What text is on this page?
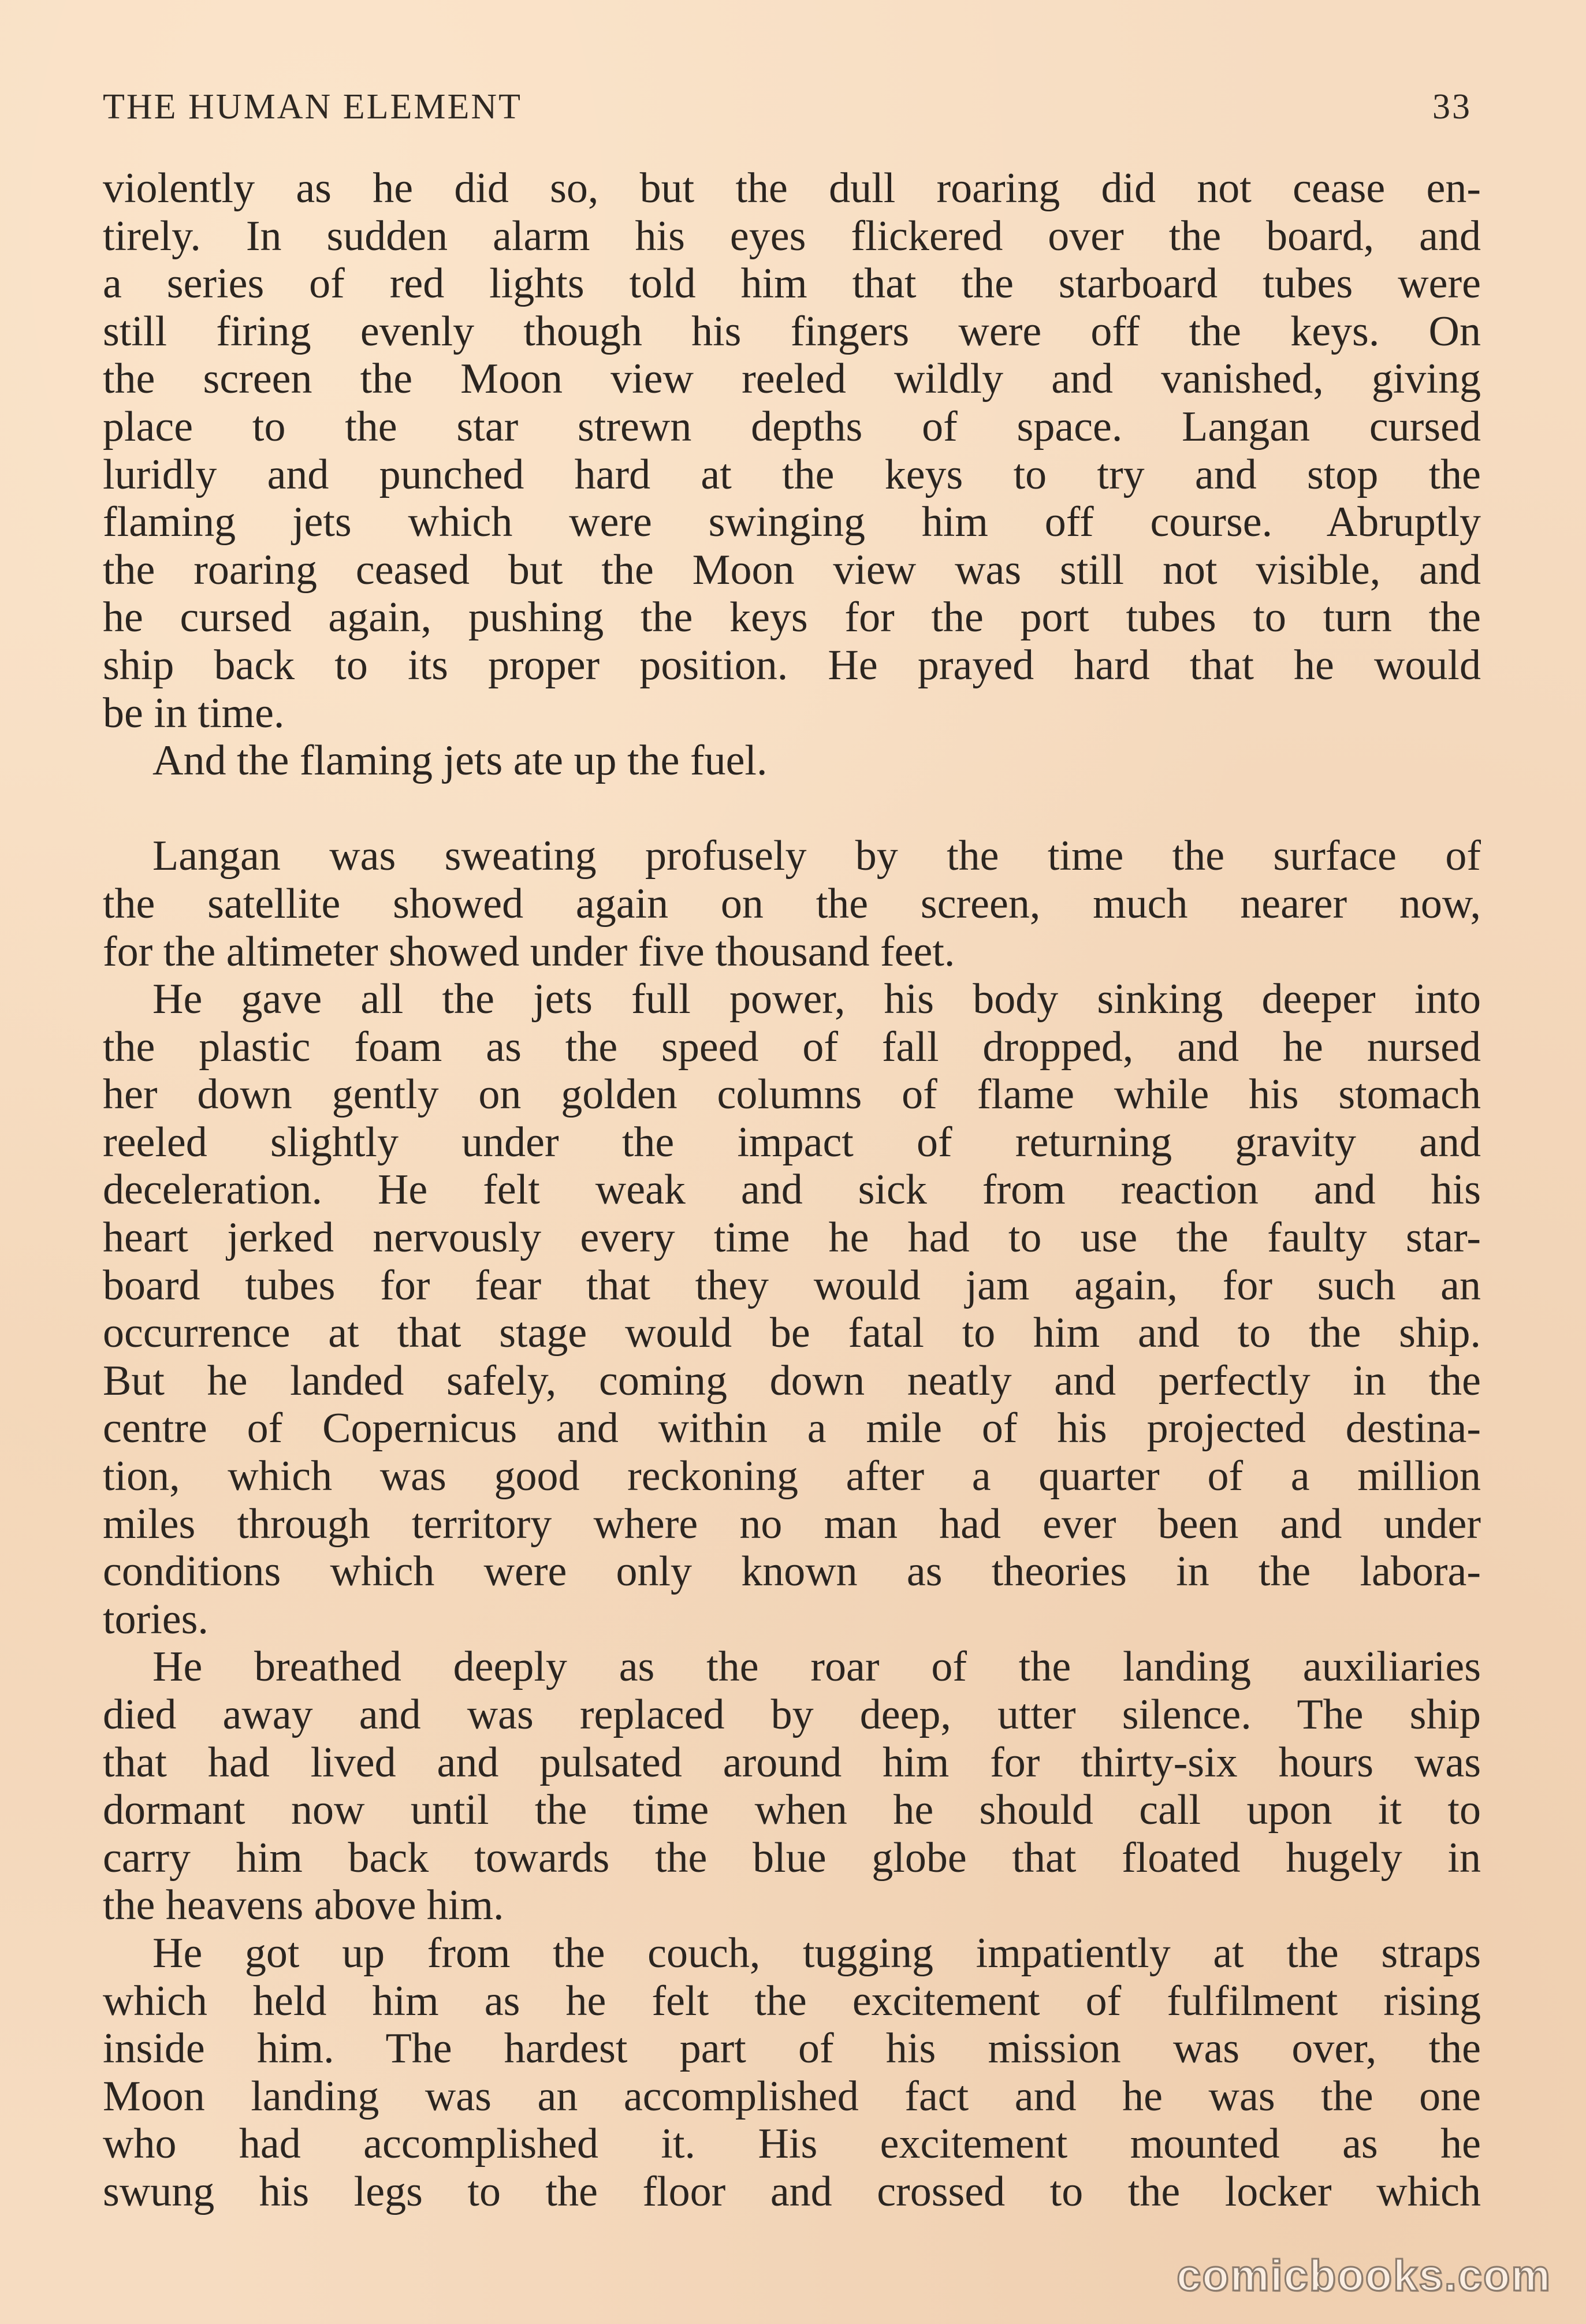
THE HUMAN ELEMENT	33
violently as he did so, but the dull roaring did not cease en-
tirely. In sudden alarm his eyes flickered over the board, and
a series of red lights told him that the starboard tubes were
still firing evenly though his fingers were off the keys. On
the screen the Moon view reeled wildly and vanished, giving
place to the star strewn depths of space. Langan cursed
luridly and punched hard at the keys to try and stop the
flaming jets which were swinging him off course. Abruptly
the roaring ceased but the Moon view was still not visible, and
he cursed again, pushing the keys for the port tubes to turn the
ship back to its proper position. He prayed hard that he would
be in time.
And the flaming jets ate up the fuel.
Langan was sweating profusely by the time the surface of
the satellite showed again on the screen, much nearer now,
for the altimeter showed under five thousand feet.
He gave all the jets full power, his body sinking deeper into
the plastic foam as the speed of fall dropped, and he nursed
her down gently on golden columns of flame while his stomach
reeled slightly under the impact of returning gravity and
deceleration. He felt weak and sick from reaction and his
heart jerked nervously every time he had to use the faulty star-
board tubes for fear that they would jam again, for such an
occurrence at that stage would be fatal to him and to the ship.
But he landed safely, coming down neatly and perfectly in the
centre of Copernicus and within a mile of his projected destina-
tion, which was good reckoning after a quarter of a million
miles through territory where no man had ever been and under
conditions which were only known as theories in the labora-
tories.
He breathed deeply as the roar of the landing auxiliaries
died away and was replaced by deep, utter silence. The ship
that had lived and pulsated around him for thirty-six hours was
dormant now until the time when he should call upon it to
carry him back towards the blue globe that floated hugely in
the heavens above him.
He got up from the couch, tugging impatiently at the straps
which held him as he felt the excitement of fulfilment rising
inside him. The hardest part of his mission was over, the
Moon landing was an accomplished fact and he was the one
who had accomplished it. His excitement mounted as he
swung his legs to the floor and crossed to the locker which
comicbooks.com
